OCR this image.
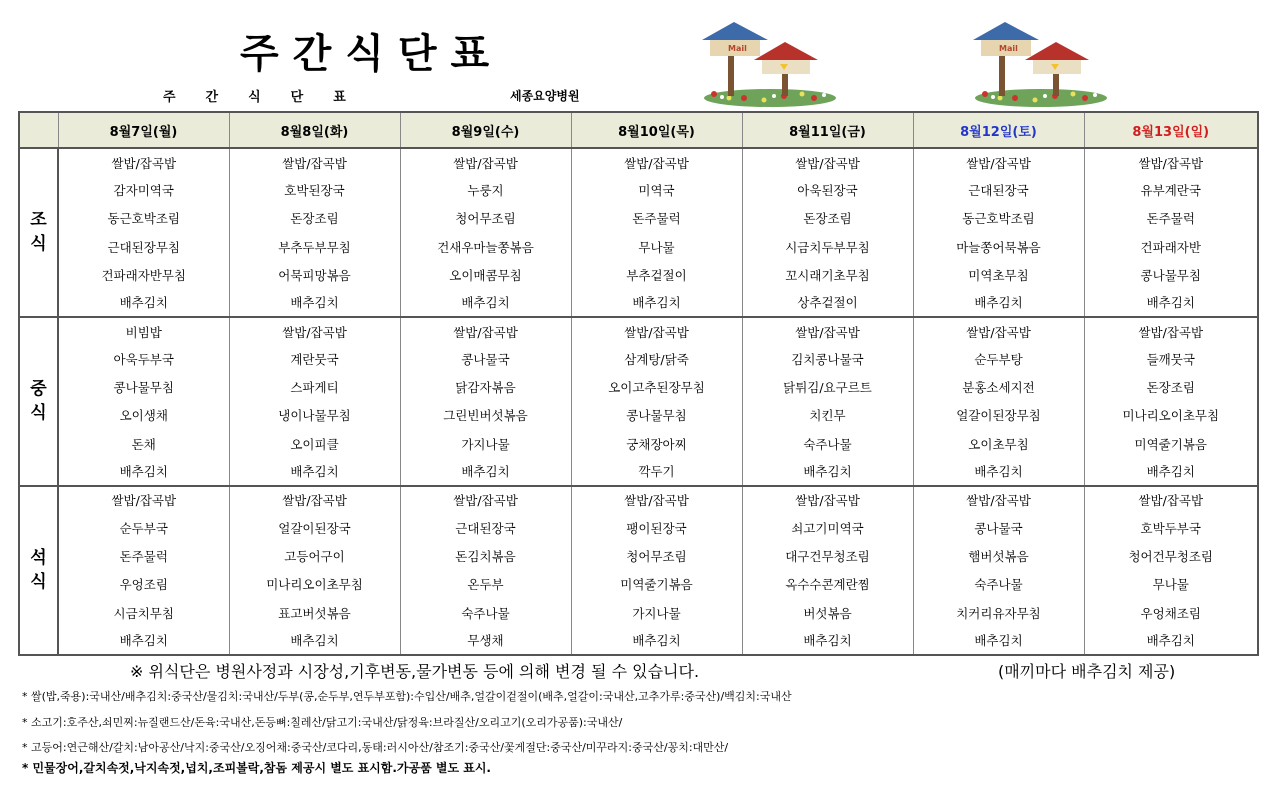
주간식단표
주간식단표	세종요양병원
Mail	Mail
	8월7일(월)	8월8일(화)	8월9일(수)	8월10일(목)	8월11일(금)	8월12일(토)	8월13일(일)
조
식	쌀밥/잡곡밥	쌀밥/잡곡밥	쌀밥/잡곡밥	쌀밥/잡곡밥	쌀밥/잡곡밥	쌀밥/잡곡밥	쌀밥/잡곡밥
	감자미역국	호박된장국	누룽지	미역국	아욱된장국	근대된장국	유부계란국
	동근호박조림	돈장조림	청어무조림	돈주물럭	돈장조림	동근호박조림	돈주물럭
	근대된장무침	부추두부무침	건새우마늘쫑볶음	무나물	시금치두부무침	마늘쫑어묵볶음	건파래자반
	건파래자반무침	어묵피망볶음	오이매콤무침	부추겉절이	꼬시래기초무침	미역초무침	콩나물무침
	배추김치	배추김치	배추김치	배추김치	상추겉절이	배추김치	배추김치
중
식	비빔밥	쌀밥/잡곡밥	쌀밥/잡곡밥	쌀밥/잡곡밥	쌀밥/잡곡밥	쌀밥/잡곡밥	쌀밥/잡곡밥
	아욱두부국	계란뭇국	콩나물국	삼계탕/닭죽	김치콩나물국	순두부탕	들깨뭇국
	콩나물무침	스파게티	닭감자볶음	오이고추된장무침	닭튀김/요구르트	분홍소세지전	돈장조림
	오이생채	냉이나물무침	그린빈버섯볶음	콩나물무침	치킨무	얼갈이된장무침	미나리오이초무침
	돈채	오이피클	가지나물	궁채장아찌	숙주나물	오이초무침	미역줄기볶음
	배추김치	배추김치	배추김치	깍두기	배추김치	배추김치	배추김치
석
식	쌀밥/잡곡밥	쌀밥/잡곡밥	쌀밥/잡곡밥	쌀밥/잡곡밥	쌀밥/잡곡밥	쌀밥/잡곡밥	쌀밥/잡곡밥
	순두부국	얼갈이된장국	근대된장국	팽이된장국	쇠고기미역국	콩나물국	호박두부국
	돈주물럭	고등어구이	돈김치볶음	청어무조림	대구건무청조림	햄버섯볶음	청어건무청조림
	우엉조림	미나리오이초무침	온두부	미역줄기볶음	옥수수콘계란찜	숙주나물	무나물
	시금치무침	표고버섯볶음	숙주나물	가지나물	버섯볶음	치커리유자무침	우엉채조림
	배추김치	배추김치	무생채	배추김치	배추김치	배추김치	배추김치
※ 위식단은 병원사정과 시장성,기후변동,물가변동 등에 의해 변경 될 수 있습니다.	(매끼마다 배추김치 제공)
* 쌀(밥,죽용):국내산/배추김치:중국산/물김치:국내산/두부(콩,순두부,연두부포함):수입산/배추,얼갈이겉절이(배추,얼갈이:국내산,고추가루:중국산)/백김치:국내산
* 소고기:호주산,쇠민찌:뉴질랜드산/돈육:국내산,돈등뼈:칠레산/닭고기:국내산/닭정육:브라질산/오리고기(오리가공품):국내산/
* 고등어:연근해산/갈치:남아공산/낙지:중국산/오징어채:중국산/코다리,동태:러시아산/참조기:중국산/꽃게절단:중국산/미꾸라지:중국산/꽁치:대만산/
* 민물장어,갈치속젓,낙지속젓,넙치,조피볼락,참돔 제공시 별도 표시함.가공품 별도 표시.
